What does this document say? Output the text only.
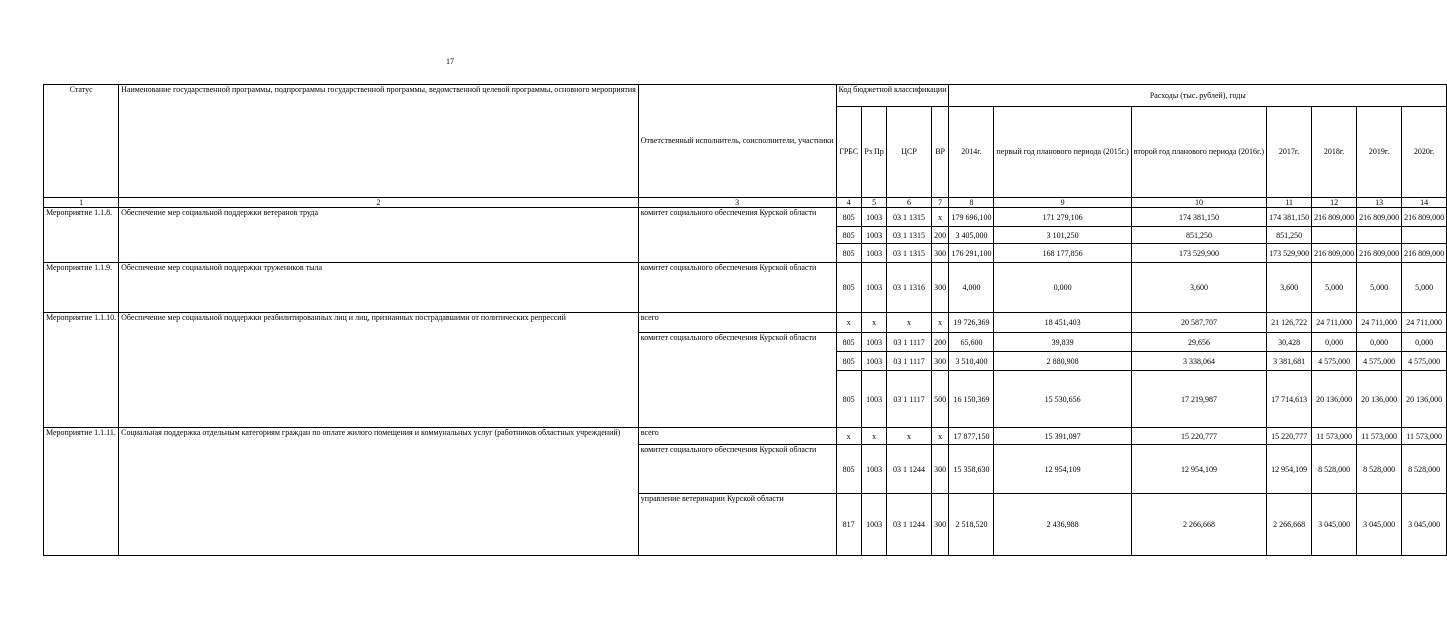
17
Статус	Наименование государственной программы, подпрограммы государственной программы, ведомственной целевой программы, основного мероприятия	Ответственный исполнитель, соисполнители, участники	Код бюджетной классификации				Расходы (тыс. рублей), годы						
			ГРБС	Рз Пр	ЦСР	ВР	2014г.	первый год планового периода (2015г.)	второй год планового периода (2016г.)	2017г.	2018г.	2019г.	2020г.
1	2	3	4	5	6	7	8	9	10	11	12	13	14
Мероприятие 1.1.8.	Обеспечение мер социальной поддержки ветеранов труда	комитет социального обеспечения Курской области	805	1003	03 1 1315	х	179 696,100	171 279,106	174 381,150	174 381,150	216 809,000	216 809,000	216 809,000
			805	1003	03 1 1315	200	3 405,000	3 101,250	851,250	851,250			
			805	1003	03 1 1315	300	176 291,100	168 177,856	173 529,900	173 529,900	216 809,000	216 809,000	216 809,000
Мероприятие 1.1.9.	Обеспечение мер социальной поддержки тружеников тыла	комитет социального обеспечения Курской области	805	1003	03 1 1316	300	4,000	0,000	3,600	3,600	5,000	5,000	5,000
Мероприятие 1.1.10.	Обеспечение мер социальной поддержки реабилитированных лиц и лиц, признанных пострадавшими от политических репрессий	всего	х	х	х	х	19 726,369	18 451,403	20 587,707	21 126,722	24 711,000	24 711,000	24 711,000
		комитет социального обеспечения Курской области	805	1003	03 1 1117	200	65,600	39,839	29,656	30,428	0,000	0,000	0,000
			805	1003	03 1 1117	300	3 510,400	2 880,908	3 338,064	3 381,681	4 575,000	4 575,000	4 575,000
			805	1003	03 1 1117	500	16 150,369	15 530,656	17 219,987	17 714,613	20 136,000	20 136,000	20 136,000
Мероприятие 1.1.11.	Социальная поддержка отдельным категориям граждан по оплате жилого помещения и коммунальных услуг (работников областных учреждений)	всего	х	х	х	х	17 877,150	15 391,097	15 220,777	15 220,777	11 573,000	11 573,000	11 573,000
		комитет социального обеспечения Курской области	805	1003	03 1 1244	300	15 358,630	12 954,109	12 954,109	12 954,109	8 528,000	8 528,000	8 528,000
		управление ветеринарии Курской области	817	1003	03 1 1244	300	2 518,520	2 436,988	2 266,668	2 266,668	3 045,000	3 045,000	3 045,000
